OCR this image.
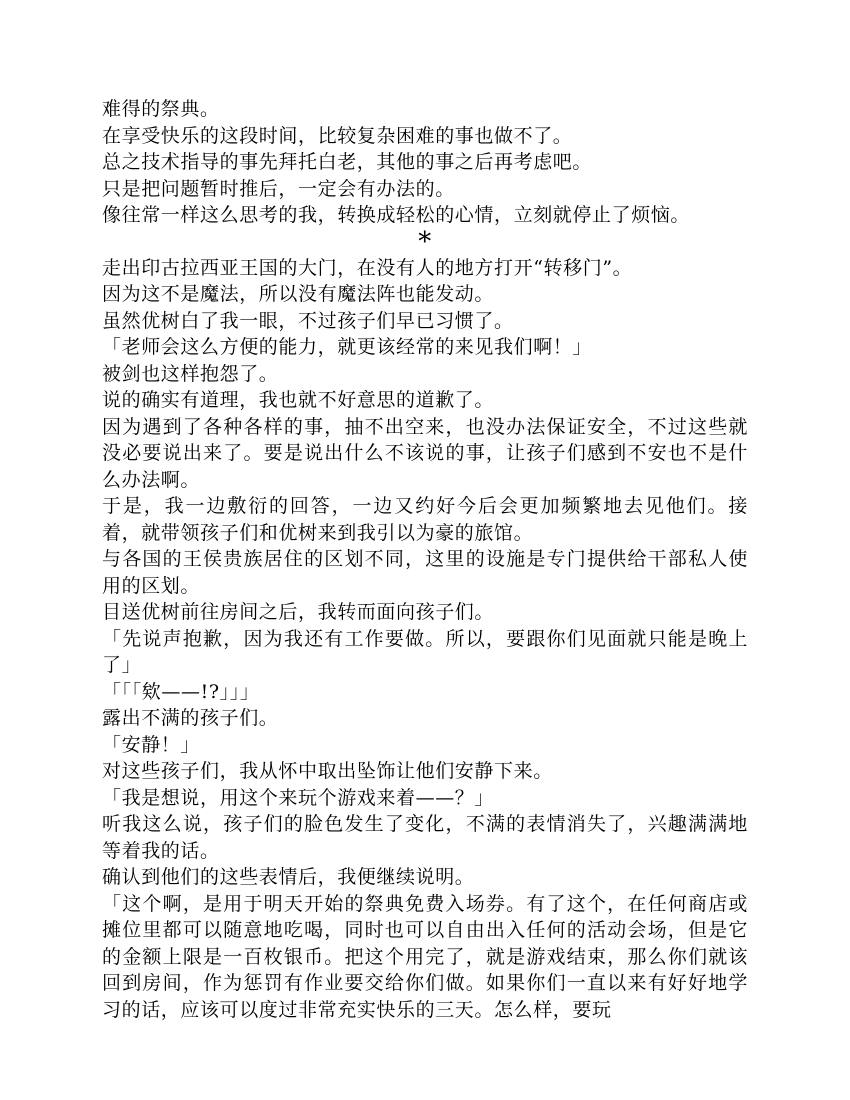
难得的祭典。

在享受快乐的这段时间，比较复杂困难的事也做不了。

总之技术指导的事先拜托白老，其他的事之后再考虑吧。

只是把问题暂时推后，一定会有办法的。

像往常一样这么思考的我，转换成轻松的心情，立刻就停止了烦恼。

*

走出印古拉西亚王国的大门，在没有人的地方打开“转移门”。

因为这不是魔法，所以没有魔法阵也能发动。

虽然优树白了我一眼，不过孩子们早已习惯了。

「老师会这么方便的能力，就更该经常的来见我们啊！」

被剑也这样抱怨了。

说的确实有道理，我也就不好意思的道歉了。

因为遇到了各种各样的事，抽不出空来，也没办法保证安全，不过这些就没必要说出来了。要是说出什么不该说的事，让孩子们感到不安也不是什么办法啊。

于是，我一边敷衍的回答，一边又约好今后会更加频繁地去见他们。接着，就带领孩子们和优树来到我引以为豪的旅馆。

与各国的王侯贵族居住的区划不同，这里的设施是专门提供给干部私人使用的区划。

目送优树前往房间之后，我转而面向孩子们。

「先说声抱歉，因为我还有工作要做。所以，要跟你们见面就只能是晚上了」

「「「欸——!?」」」

露出不满的孩子们。

「安静！」

对这些孩子们，我从怀中取出坠饰让他们安静下来。

「我是想说，用这个来玩个游戏来着——？」

听我这么说，孩子们的脸色发生了变化，不满的表情消失了，兴趣满满地等着我的话。

确认到他们的这些表情后，我便继续说明。

「这个啊，是用于明天开始的祭典免费入场券。有了这个，在任何商店或摊位里都可以随意地吃喝，同时也可以自由出入任何的活动会场，但是它的金额上限是一百枚银币。把这个用完了，就是游戏结束，那么你们就该回到房间，作为惩罚有作业要交给你们做。如果你们一直以来有好好地学习的话，应该可以度过非常充实快乐的三天。怎么样，要玩
